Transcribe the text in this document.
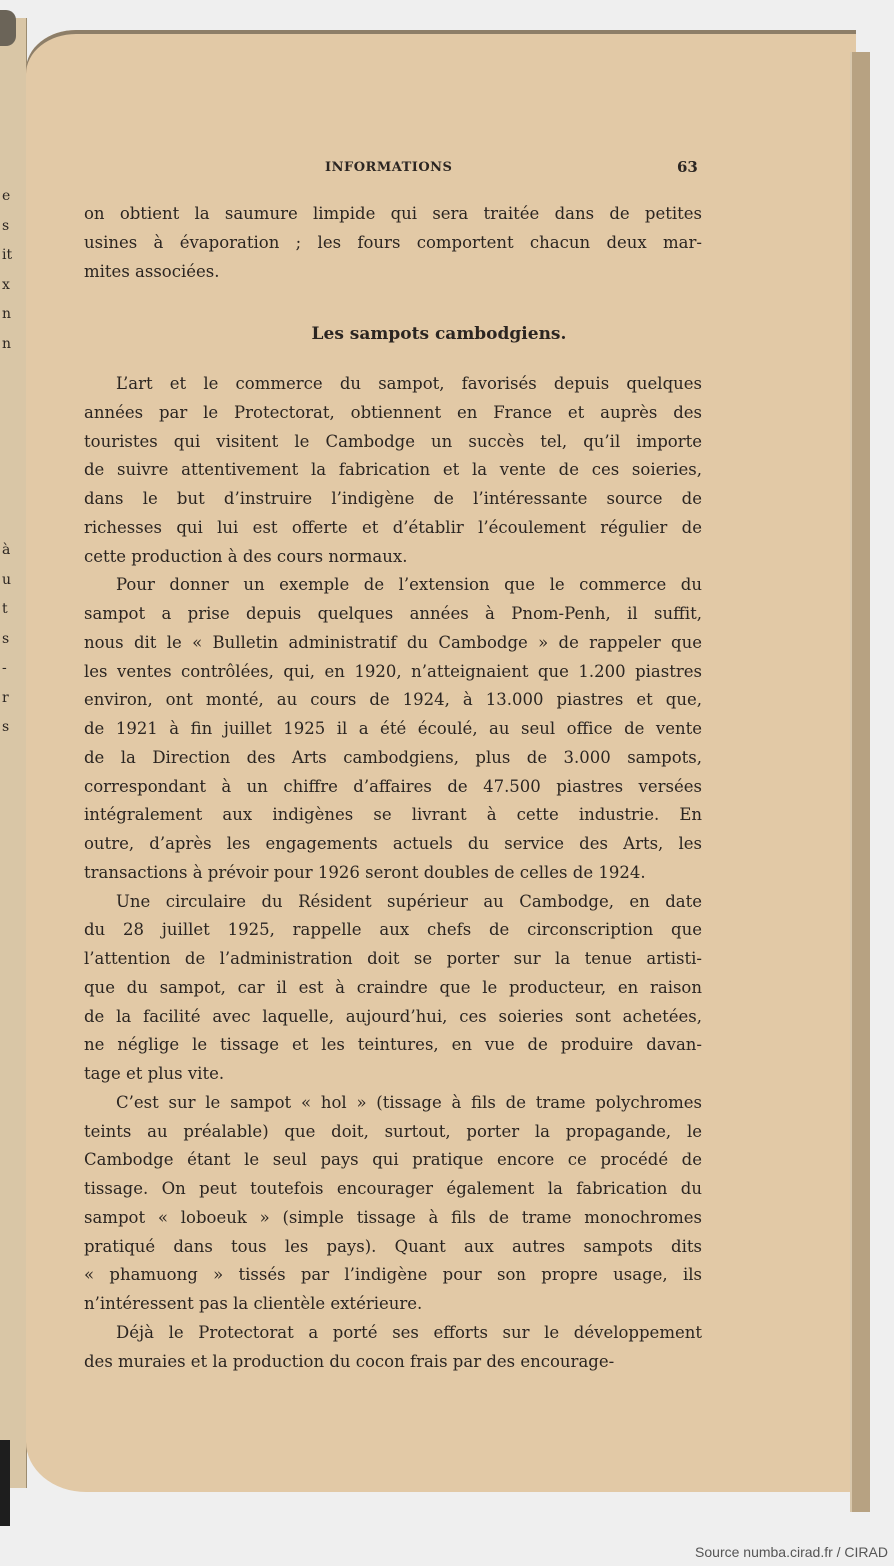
e
s
it
x
n
n
à
u
t
s
-
r
s
INFORMATIONS	63
on obtient la saumure limpide qui sera traitée dans de petites
usines à évaporation ; les fours comportent chacun deux mar-
mites associées.
Les sampots cambodgiens.
L’art et le commerce du sampot, favorisés depuis quelques
années par le Protectorat, obtiennent en France et auprès des
touristes qui visitent le Cambodge un succès tel, qu’il importe
de suivre attentivement la fabrication et la vente de ces soieries,
dans le but d’instruire l’indigène de l’intéressante source de
richesses qui lui est offerte et d’établir l’écoulement régulier de
cette production à des cours normaux.
Pour donner un exemple de l’extension que le commerce du
sampot a prise depuis quelques années à Pnom-Penh, il suffit,
nous dit le « Bulletin administratif du Cambodge » de rappeler que
les ventes contrôlées, qui, en 1920, n’atteignaient que 1.200 piastres
environ, ont monté, au cours de 1924, à 13.000 piastres et que,
de 1921 à fin juillet 1925 il a été écoulé, au seul office de vente
de la Direction des Arts cambodgiens, plus de 3.000 sampots,
correspondant à un chiffre d’affaires de 47.500 piastres versées
intégralement aux indigènes se livrant à cette industrie. En
outre, d’après les engagements actuels du service des Arts, les
transactions à prévoir pour 1926 seront doubles de celles de 1924.
Une circulaire du Résident supérieur au Cambodge, en date
du 28 juillet 1925, rappelle aux chefs de circonscription que
l’attention de l’administration doit se porter sur la tenue artisti-
que du sampot, car il est à craindre que le producteur, en raison
de la facilité avec laquelle, aujourd’hui, ces soieries sont achetées,
ne néglige le tissage et les teintures, en vue de produire davan-
tage et plus vite.
C’est sur le sampot « hol » (tissage à fils de trame polychromes
teints au préalable) que doit, surtout, porter la propagande, le
Cambodge étant le seul pays qui pratique encore ce procédé de
tissage. On peut toutefois encourager également la fabrication du
sampot « loboeuk » (simple tissage à fils de trame monochromes
pratiqué dans tous les pays). Quant aux autres sampots dits
« phamuong » tissés par l’indigène pour son propre usage, ils
n’intéressent pas la clientèle extérieure.
Déjà le Protectorat a porté ses efforts sur le développement
des muraies et la production du cocon frais par des encourage-
Source numba.cirad.fr / CIRAD
